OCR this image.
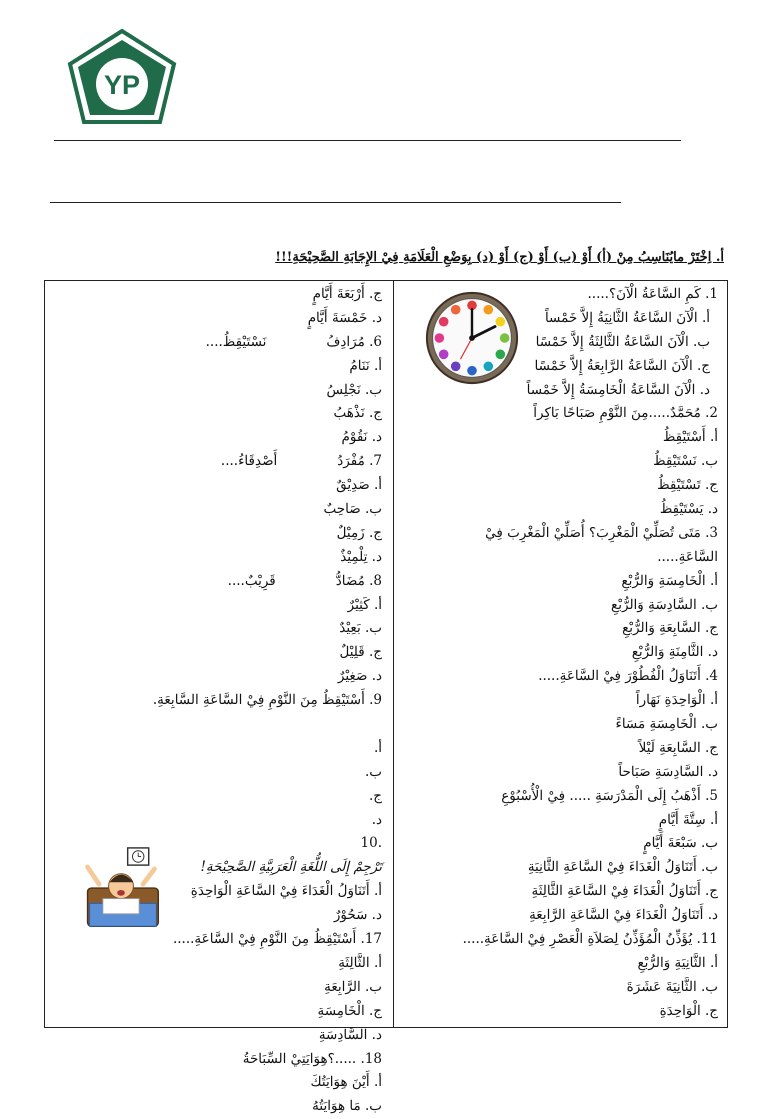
YP
أ. اِخْتَرْ مايُنَاسِبُ مِنْ (أ) أَوْ (ب) أَوْ (ج) أَوْ (د) بِوَضْعِ الْعَلَامَةِ فِيْ الإِجَابَةِ الصَّحِيْحَةِ!!!
1. كَمِ السَّاعَةُ الْآنَ؟.....
أ. الْآنَ السَّاعَةُ الثَّانِيَةُ إِلاَّ خَمْساً
ب. الْآنَ السَّاعَةُ الثَّالِثَةُ إِلاَّ خَمْسًا
ج. الْآنَ السَّاعَةُ الرَّابِعَةُ إِلاَّ خَمْسًا
د. الْآنَ السَّاعَةُ الْخَامِسَةُ إِلاَّ خَمْساً
2. مُحَمَّدٌ.....مِنَ النَّوْمِ صَبَاحًا بَاكِراً
أ. أَسْتَيْقِظُ
ب. نَسْتَيْقِظُ
ج. تَسْتَيْقِظُ
د. يَسْتَيْقِظُ
3. مَتَى تُصَلِّيْ الْمَغْرِبَ؟ أُصَلِّيْ الْمَغْرِبَ فِيْ
السَّاعَةِ.....
أ. الْخَامِسَةِ وَالرُّبْعِ
ب. السَّادِسَةِ وَالرُّبْعِ
ج. السَّابِعَةِ وَالرُّبْعِ
د. الثَّامِنَةِ وَالرُّبْعِ
4. أَتَنَاوَلُ الْفُطُوْرَ فِيْ السَّاعَةِ.....
أ. الْوَاحِدَةِ نَهَاراً
ب. الْخَامِسَةِ مَسَاءً
ج. السَّابِعَةِ لَيْلاً
د. السَّادِسَةِ صَبَاحاً
5. أَذْهَبُ إِلَى الْمَدْرَسَةِ ..... فِيْ الْأُسْبُوْعِ
أ. سِتَّةَ أَيَّامٍ
ب. سَبْعَةَ أَيَّامٍ
ب. أَتَنَاوَلُ الْغَدَاءَ فِيْ السَّاعَةِ الثَّانِيَةِ
ج. أَتَنَاوَلُ الْغَدَاءَ فِيْ السَّاعَةِ الثَّالِثَةِ
د. أَتَنَاوَلُ الْغَدَاءَ فِيْ السَّاعَةِ الرَّابِعَةِ
11. يُؤَذِّنُ الْمُؤَذِّنُ لِصَلاَةِ الْعَصْرِ فِيْ السَّاعَةِ.....
أ. الثَّانِيَةِ وَالرُّبْعِ
ب. الثَّانِيَةَ عَشَرَةَ
ج. الْوَاحِدَةِ
ج. أَرْبَعَةَ أَيَّامٍ
د. خَمْسَةَ أَيَّامٍ
6. مُرَادِفُنَسْتَيْقِظُ....
أ. نَنَامُ
ب. نَجْلِسُ
ج. نَذْهَبُ
د. نَقُوْمُ
7. مُفْرَدُأَصْدِقَاءُ....
أ. صَدِيْقٌ
ب. صَاحِبٌ
ج. زَمِيْلٌ
د. تِلْمِيْذٌ
8. مُضَادُّقَرِيْبٌ....
أ. كَثِيْرٌ
ب. بَعِيْدٌ
ج. قَلِيْلٌ
د. صَغِيْرٌ
9. أَسْتَيْقِظُ مِنَ النَّوْمِ فِيْ السَّاعَةِ السَّابِعَةِ.
أ.
ب.
ج.
د.
.10
تَرْجِمْ إِلَى اللُّغَةِ الْعَرَبِيَّةِ الصَّحِيْحَةِ!
أ. أَتَنَاوَلُ الْغَدَاءَ فِيْ السَّاعَةِ الْوَاحِدَةِ
د. سَحُوْرٌ
17. أَسْتَيْقِظُ مِنَ النَّوْمِ فِيْ السَّاعَةِ.....
أ. الثَّالِثَةِ
ب. الرَّابِعَةِ
ج. الْخَامِسَةِ
د. السَّادِسَةِ
18. .....؟هِوَايَتِيْ السِّبَاحَةُ
أ. أَيْنَ هِوَايَتُكَ
ب. مَا هِوَايَتُهُ
